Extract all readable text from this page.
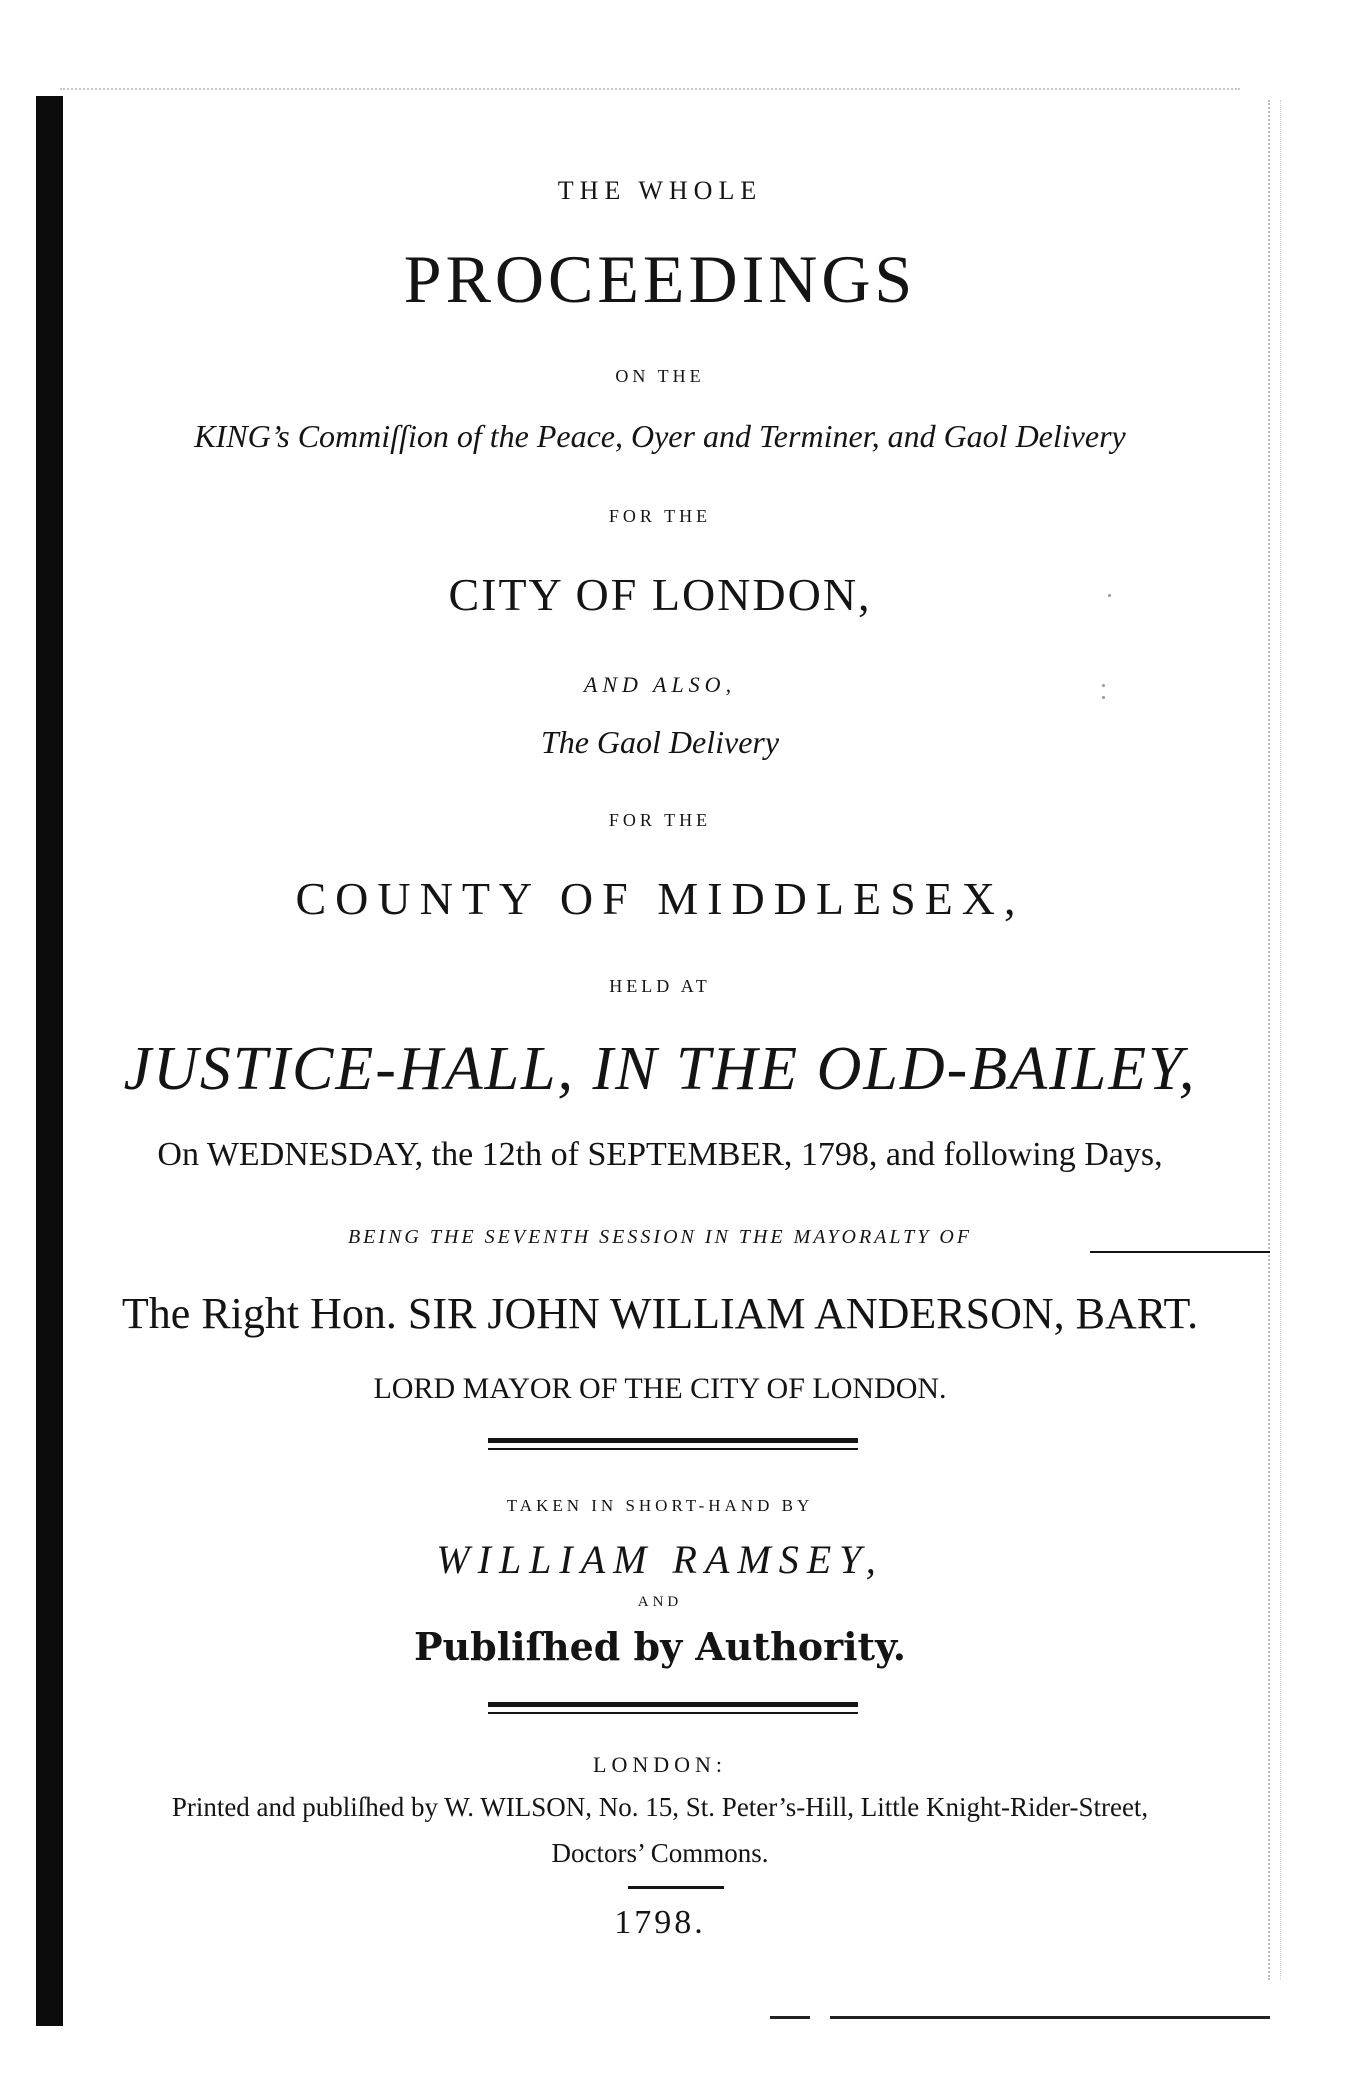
THE WHOLE
PROCEEDINGS
ON THE
KING’s Commiſſion of the Peace, Oyer and Terminer, and Gaol Delivery
FOR THE
CITY OF LONDON,
AND ALSO,
The Gaol Delivery
FOR THE
COUNTY OF MIDDLESEX,
HELD AT
JUSTICE-HALL, IN THE OLD-BAILEY,
On WEDNESDAY, the 12th of SEPTEMBER, 1798, and following Days,
BEING THE SEVENTH SESSION IN THE MAYORALTY OF
The Right Hon. SIR JOHN WILLIAM ANDERSON, BART.
LORD MAYOR OF THE CITY OF LONDON.
TAKEN IN SHORT-HAND BY
WILLIAM RAMSEY,
AND
Publiſhed by Authority.
LONDON:
Printed and publiſhed by W. WILSON, No. 15, St. Peter’s-Hill, Little Knight-Rider-Street,
Doctors’ Commons.
1798.
